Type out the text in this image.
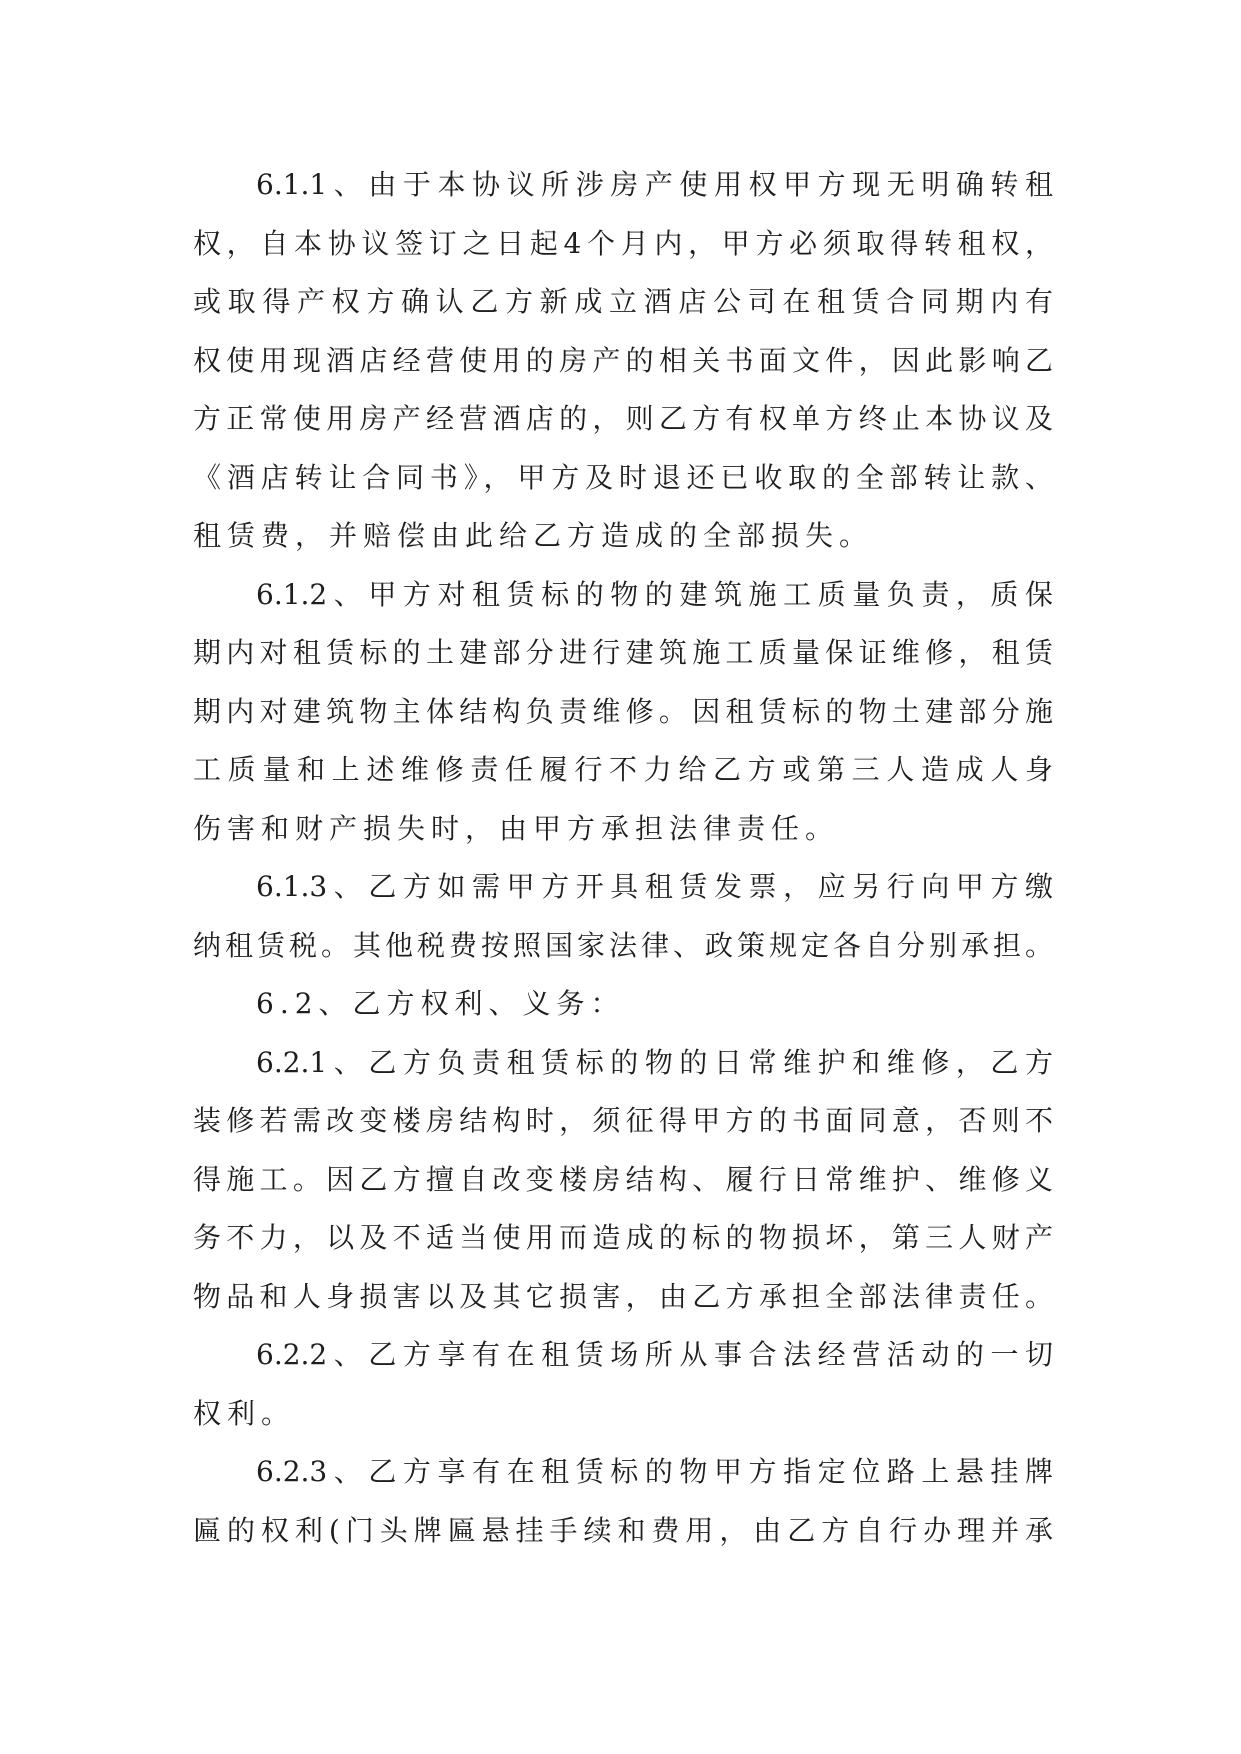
6.1.1、由于本协议所涉房产使用权甲方现无明确转租
权，自本协议签订之日起4个月内，甲方必须取得转租权，
或取得产权方确认乙方新成立酒店公司在租赁合同期内有
权使用现酒店经营使用的房产的相关书面文件，因此影响乙
方正常使用房产经营酒店的，则乙方有权单方终止本协议及
《酒店转让合同书》，甲方及时退还已收取的全部转让款、
租赁费，并赔偿由此给乙方造成的全部损失。
6.1.2、甲方对租赁标的物的建筑施工质量负责，质保
期内对租赁标的土建部分进行建筑施工质量保证维修，租赁
期内对建筑物主体结构负责维修。因租赁标的物土建部分施
工质量和上述维修责任履行不力给乙方或第三人造成人身
伤害和财产损失时，由甲方承担法律责任。
6.1.3、乙方如需甲方开具租赁发票，应另行向甲方缴
纳租赁税。其他税费按照国家法律、政策规定各自分别承担。
6.2、乙方权利、义务：
6.2.1、乙方负责租赁标的物的日常维护和维修，乙方
装修若需改变楼房结构时，须征得甲方的书面同意，否则不
得施工。因乙方擅自改变楼房结构、履行日常维护、维修义
务不力，以及不适当使用而造成的标的物损坏，第三人财产
物品和人身损害以及其它损害，由乙方承担全部法律责任。
6.2.2、乙方享有在租赁场所从事合法经营活动的一切
权利。
6.2.3、乙方享有在租赁标的物甲方指定位路上悬挂牌
匾的权利(门头牌匾悬挂手续和费用，由乙方自行办理并承
